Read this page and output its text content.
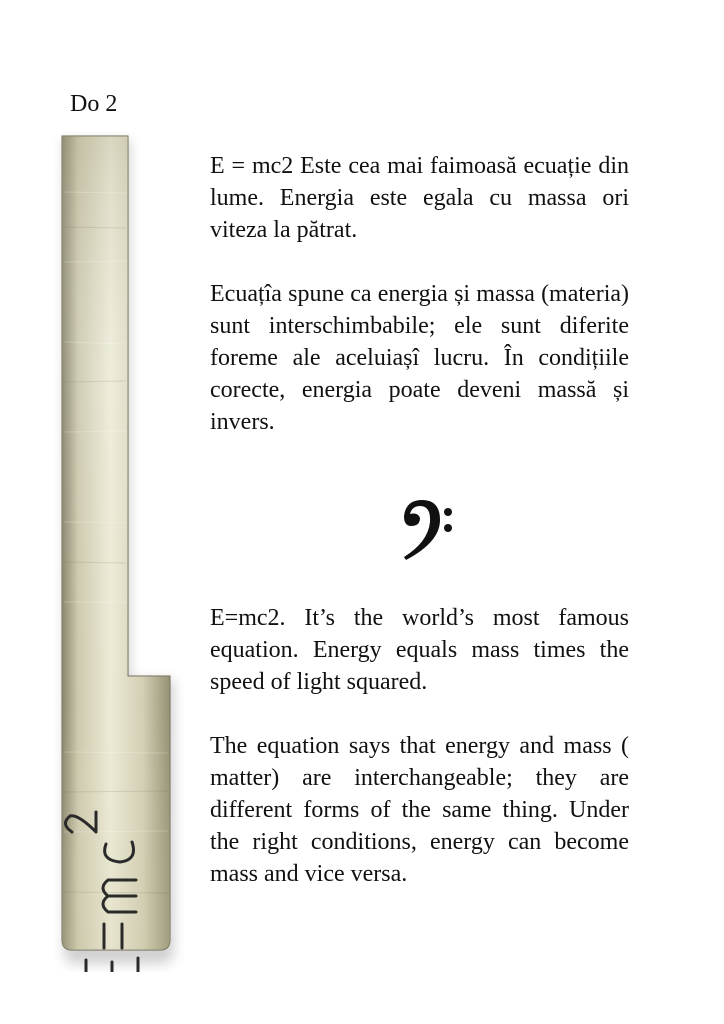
Do 2

E = mc2 Este cea mai faimoasă ecuație din lume. Energia este egala cu massa ori viteza la pătrat.

Ecuațîa spune ca energia și massa (materia) sunt interschimbabile; ele sunt diferite foreme ale aceluiașî lucru. În condițiile corecte, energia poate deveni massă și invers.

E=mc2. It’s the world’s most famous equation. Energy equals mass times the speed of light squared.

The equation says that energy and mass ( matter) are interchangeable; they are different forms of the same thing. Under the right conditions, energy can become mass and vice versa.
